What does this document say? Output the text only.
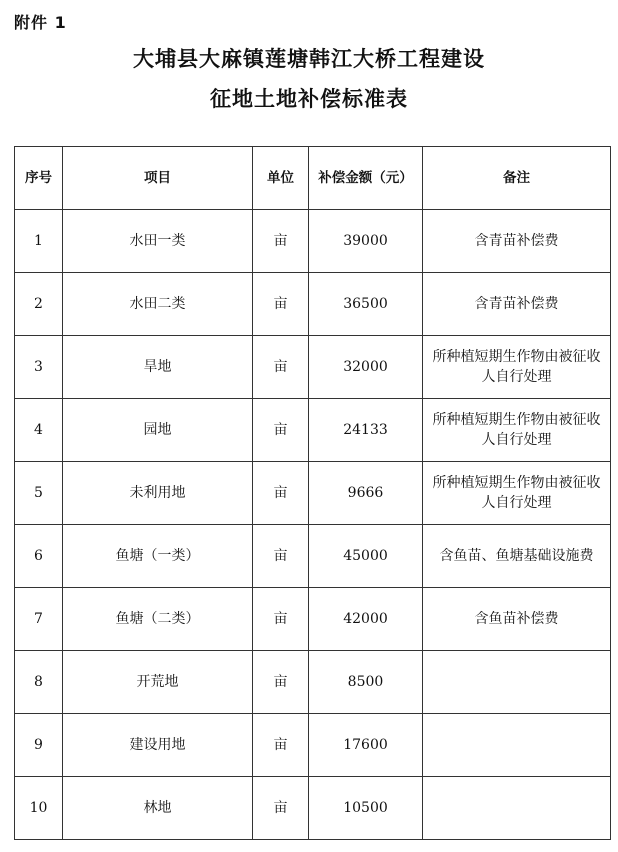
附件 1
大埔县大麻镇莲塘韩江大桥工程建设
征地土地补偿标准表
序号	项目	单位	补偿金额（元）	备注
1	水田一类	亩	39000	含青苗补偿费
2	水田二类	亩	36500	含青苗补偿费
3	旱地	亩	32000	所种植短期生作物由被征收人自行处理
4	园地	亩	24133	所种植短期生作物由被征收人自行处理
5	未利用地	亩	9666	所种植短期生作物由被征收人自行处理
6	鱼塘（一类）	亩	45000	含鱼苗、鱼塘基础设施费
7	鱼塘（二类）	亩	42000	含鱼苗补偿费
8	开荒地	亩	8500	
9	建设用地	亩	17600	
10	林地	亩	10500	
